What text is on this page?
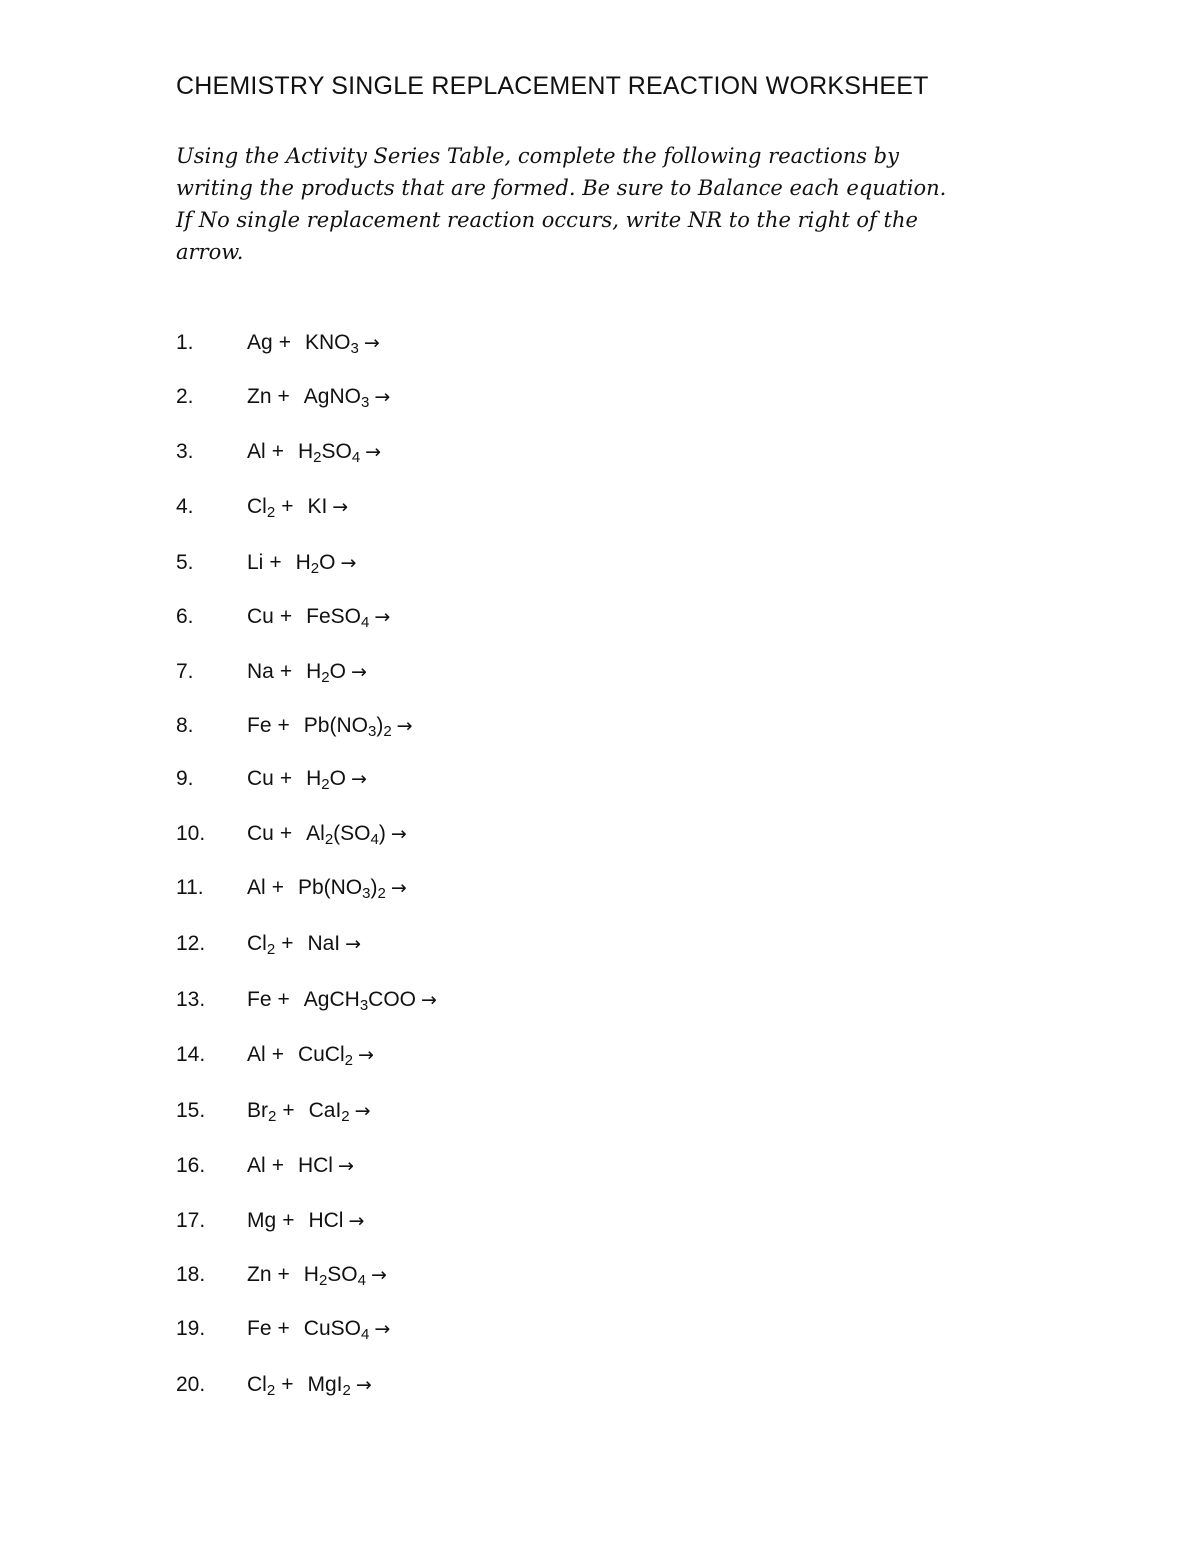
CHEMISTRY SINGLE REPLACEMENT REACTION WORKSHEET
Using the Activity Series Table, complete the following reactions by
writing the products that are formed. Be sure to Balance each equation.
If No single replacement reaction occurs, write NR to the right of the
arrow.
1.	$Ag + KNO_3$ →
2.	Zn + AgNO$_3$ →
3.	$Al + H_2SO_4$ →
4.	$Cl_2$ + KI →
5.	$Li + H_2O$ →
6.	Cu + FeSO$_4$ →
7.	$Na + H_2O$ →
8.	$Fe + Pb(NO_3)_2$ →
9.	$Cu + H_2O$ →
10.	$Cu + Al_2(SO_4)$ →
11.	$Al + Pb(NO_3)_2$ →
12.	$Cl_2$ + NaI →
13.	Fe + AgCH$_3$COO →
14.	Al + CuCl$_2$ →
15.	$Br_2 + CaI_2$ →
16.	Al + HCl →
17.	Mg + HCl →
18.	$Zn + H_2SO_4$ →
19.	Fe + CuSO$_4$ →
20.	$Cl_2 + MgI_2$ →
